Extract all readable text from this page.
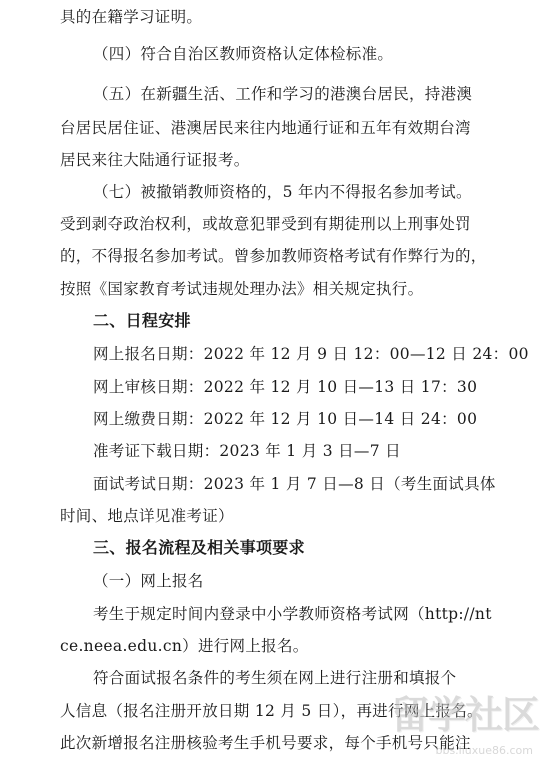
具的在籍学习证明。
（四）符合自治区教师资格认定体检标准。
（五）在新疆生活、工作和学习的港澳台居民，持港澳
台居民居住证、港澳居民来往内地通行证和五年有效期台湾
居民来往大陆通行证报考。
（七）被撤销教师资格的，5 年内不得报名参加考试。
受到剥夺政治权利，或故意犯罪受到有期徒刑以上刑事处罚
的，不得报名参加考试。曾参加教师资格考试有作弊行为的，
按照《国家教育考试违规处理办法》相关规定执行。
二、日程安排
网上报名日期：2022 年 12 月 9 日 12：00—12 日 24：00
网上审核日期：2022 年 12 月 10 日—13 日 17：30
网上缴费日期：2022 年 12 月 10 日—14 日 24：00
准考证下载日期：2023 年 1 月 3 日—7 日
面试考试日期：2023 年 1 月 7 日—8 日（考生面试具体
时间、地点详见准考证）
三、报名流程及相关事项要求
（一）网上报名
考生于规定时间内登录中小学教师资格考试网（http://nt
ce.neea.edu.cn）进行网上报名。
符合面试报名条件的考生须在网上进行注册和填报个
人信息（报名注册开放日期 12 月 5 日），再进行网上报名。
此次新增报名注册核验考生手机号要求，每个手机号只能注
留学社区
bbs.liuxue86.com
